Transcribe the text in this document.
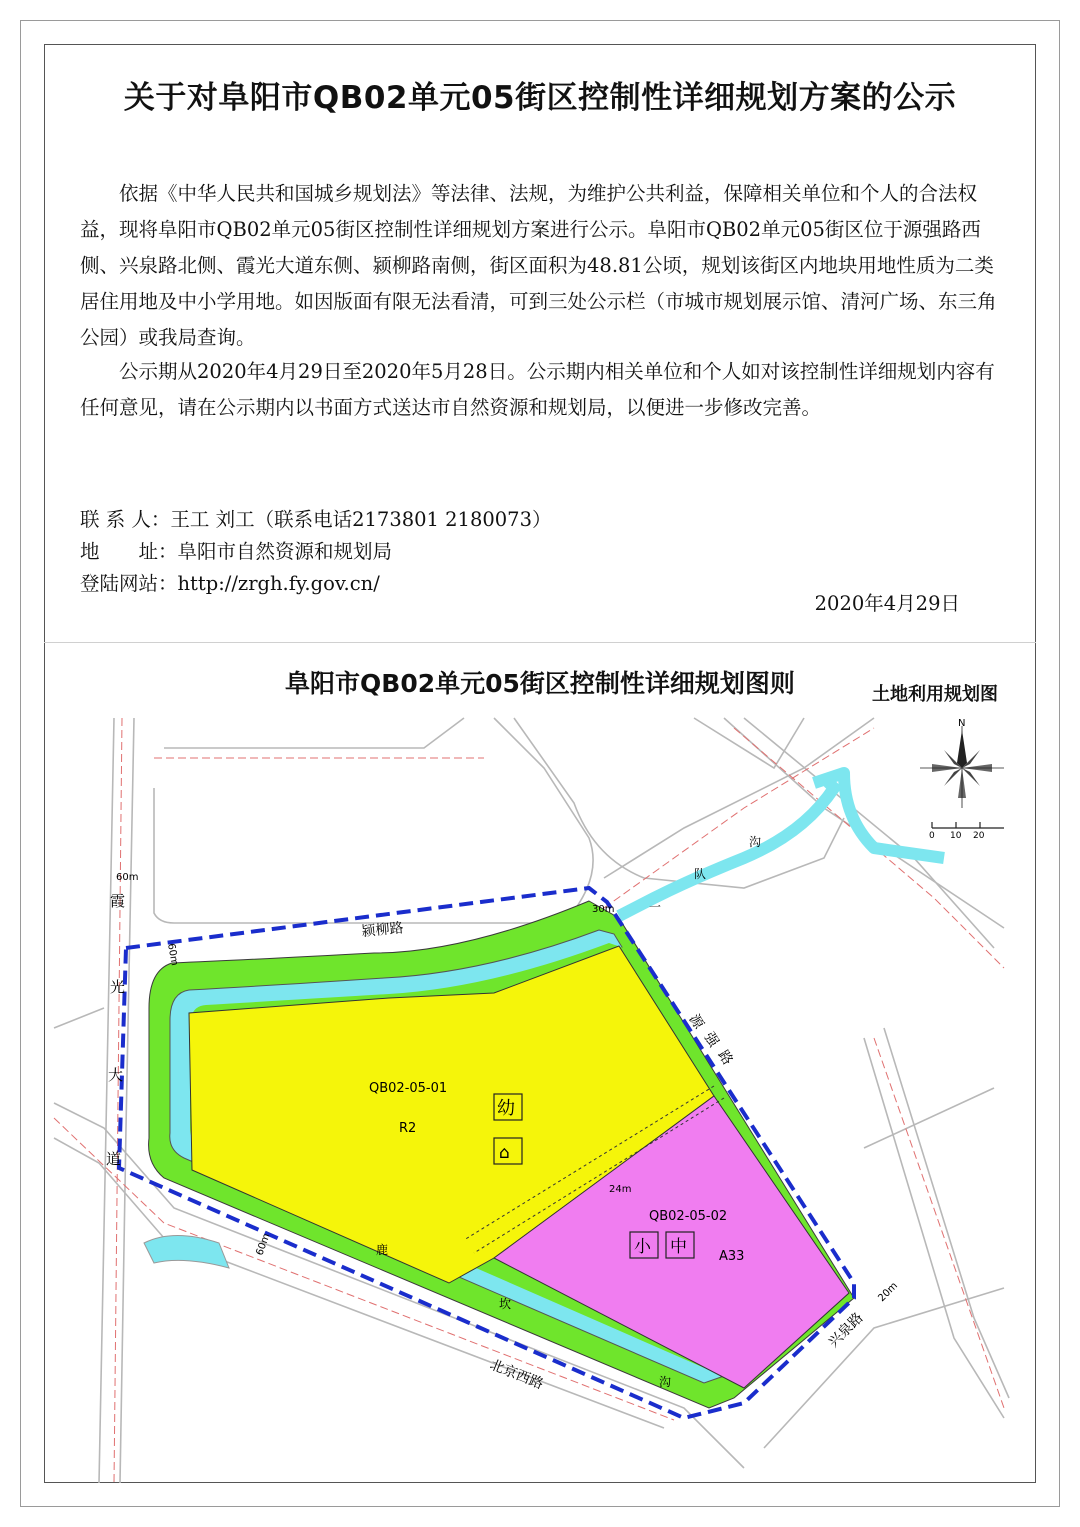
关于对阜阳市QB02单元05街区控制性详细规划方案的公示

依据《中华人民共和国城乡规划法》等法律、法规，为维护公共利益，保障相关单位和个人的合法权益，现将阜阳市QB02单元05街区控制性详细规划方案进行公示。阜阳市QB02单元05街区位于源强路西侧、兴泉路北侧、霞光大道东侧、颍柳路南侧，街区面积为48.81公顷，规划该街区内地块用地性质为二类居住用地及中小学用地。如因版面有限无法看清，可到三处公示栏（市城市规划展示馆、清河广场、东三角公园）或我局查询。

公示期从2020年4月29日至2020年5月28日。公示期内相关单位和个人如对该控制性详细规划内容有任何意见，请在公示期内以书面方式送达市自然资源和规划局，以便进一步修改完善。

联 系 人：王工 刘工（联系电话2173801 2180073）
地　　址：阜阳市自然资源和规划局
登陆网站：http://zrgh.fy.gov.cn/
2020年4月29日
阜阳市QB02单元05街区控制性详细规划图则	土地利用规划图
QB02-05-01
R2
幼
⌂
QB02-05-02
A33
小 中
霞
光
大
道
颍柳路
源
强
路
北京西路
兴泉路
鹿
坎
沟
沟
队
一
60m
60m
30m
24m
60m
20m
N
0 10 20
